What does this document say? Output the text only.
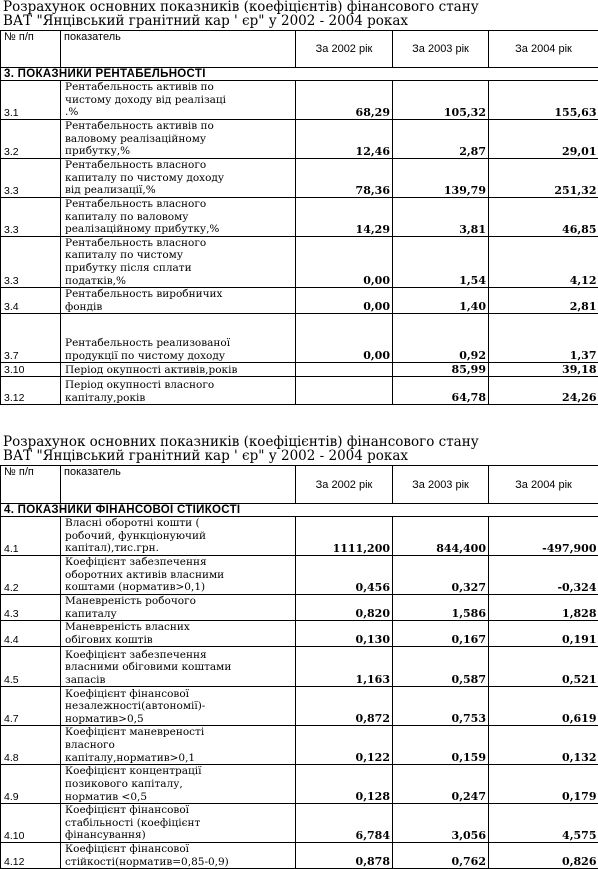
Розрахунок основних показників (коефіцієнтів) фінансового стану
ВАТ "Янцівський гранітний кар ' єр" у 2002 - 2004 роках
№ п/п	показатель	За 2002 рік	За 2003 рік	За 2004 рік
3. ПОКАЗНИКИ РЕНТАБЕЛЬНОСТІ				
3.1	Рентабельность активів по
чистому доходу від реалізаці
.%	68,29	105,32	155,63
3.2	Рентабельность активів по
валовому реалізаційному
прибутку,%	12,46	2,87	29,01
3.3	Рентабельность власного
капиталу по чистому доходу
від реализації,%	78,36	139,79	251,32
3.3	Рентабельность власного
капиталу по валовому
реалізаційному прибутку,%	14,29	3,81	46,85
3.3	Рентабельность власного
капиталу по чистому
прибутку після сплати
податків,%	0,00	1,54	4,12
3.4	Рентабельность виробничих
фондів	0,00	1,40	2,81
3.7	Рентабельность реализованої
продукції по чистому доходу	0,00	0,92	1,37
3.10	Період окупності активів,років		85,99	39,18
3.12	Період окупності власного
капіталу,років		64,78	24,26
Розрахунок основних показників (коефіцієнтів) фінансового стану
ВАТ "Янцівський гранітний кар ' єр" у 2002 - 2004 роках
№ п/п	показатель	За 2002 рік	За 2003 рік	За 2004 рік
4. ПОКАЗНИКИ ФІНАНСОВОЇ СТІЙКОСТІ				
4.1	Власні оборотні кошти (
робочий, функціонуючий
капітал),тис.грн.	1111,200	844,400	-497,900
4.2	Коефіцієнт забезпечення
оборотних активів власними
коштами (норматив>0,1)	0,456	0,327	-0,324
4.3	Маневреність робочого
капиталу	0,820	1,586	1,828
4.4	Маневреність власних
обігових коштів	0,130	0,167	0,191
4.5	Коефіцієнт забезпечення
власними обіговими коштами
запасів	1,163	0,587	0,521
4.7	Коефіцієнт фінансової
незалежності(автономії)-
норматив>0,5	0,872	0,753	0,619
4.8	Коефіцієнт маневреності
власного
капіталу,норматив>0,1	0,122	0,159	0,132
4.9	Коефіцієнт концентрації
позикового капіталу,
норматив <0,5	0,128	0,247	0,179
4.10	Коефіцієнт фінансової
стабільності (коефіцієнт
фінансування)	6,784	3,056	4,575
4.12	Коефіцієнт фінансової
стійкості(норматив=0,85-0,9)	0,878	0,762	0,826
